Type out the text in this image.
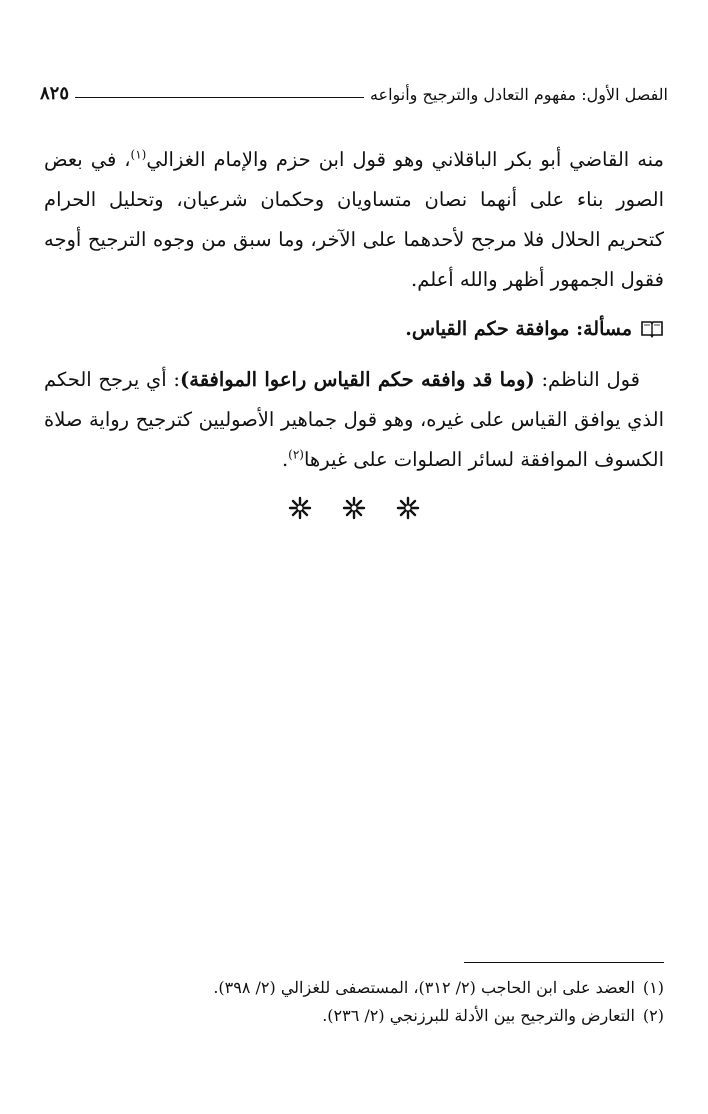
الفصل الأول: مفهوم التعادل والترجيح وأنواعه
٨٢٥

منه القاضي أبو بكر الباقلاني وهو قول ابن حزم والإمام الغزالي$^{(١)}$، في بعض الصور بناء على أنهما نصان متساويان وحكمان شرعيان، وتحليل الحرام كتحريم الحلال فلا مرجح لأحدهما على الآخر، وما سبق من وجوه الترجيح أوجه فقول الجمهور أظهر والله أعلم.

مسألة: موافقة حكم القياس.

قول الناظم: (وما قد وافقه حكم القياس راعوا الموافقة): أي يرجح الحكم الذي يوافق القياس على غيره، وهو قول جماهير الأصوليين كترجيح رواية صلاة الكسوف الموافقة لسائر الصلوات على غيرها$^{(٢)}$.

(١)
العضد على ابن الحاجب (٢/ ٣١٢)، المستصفى للغزالي (٢/ ٣٩٨).
(٢)
التعارض والترجيح بين الأدلة للبرزنجي (٢/ ٢٣٦).
